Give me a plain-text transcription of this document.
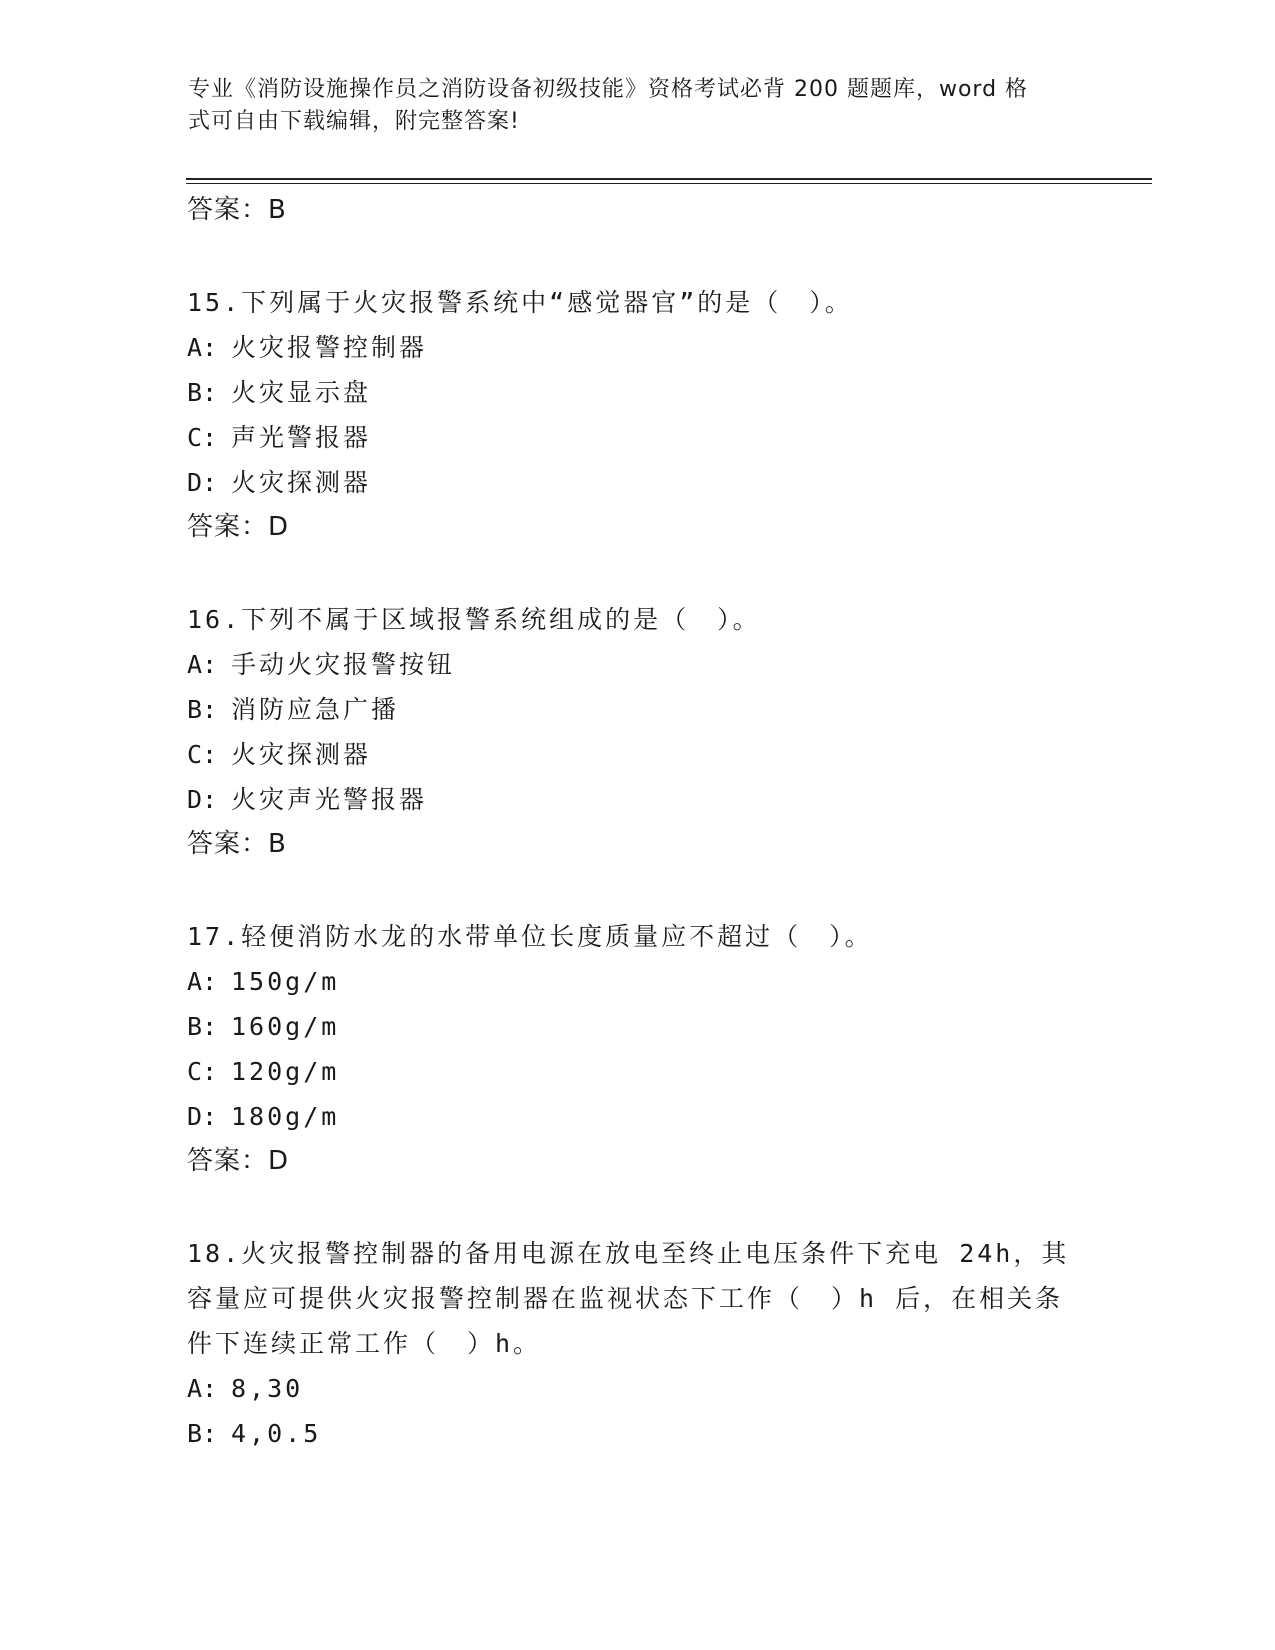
专业《消防设施操作员之消防设备初级技能》资格考试必背 200 题题库，word 格
式可自由下载编辑，附完整答案!
答案：B
15.下列属于火灾报警系统中“感觉器官”的是（　）。
A: 火灾报警控制器
B: 火灾显示盘
C: 声光警报器
D: 火灾探测器
答案：D
16.下列不属于区域报警系统组成的是（　）。
A: 手动火灾报警按钮
B: 消防应急广播
C: 火灾探测器
D: 火灾声光警报器
答案：B
17.轻便消防水龙的水带单位长度质量应不超过（　）。
A: 150g/m
B: 160g/m
C: 120g/m
D: 180g/m
答案：D
18.火灾报警控制器的备用电源在放电至终止电压条件下充电 24h，其容量应可提供火灾报警控制器在监视状态下工作（　）h 后，在相关条件下连续正常工作（　）h。
A: 8,30
B: 4,0.5
